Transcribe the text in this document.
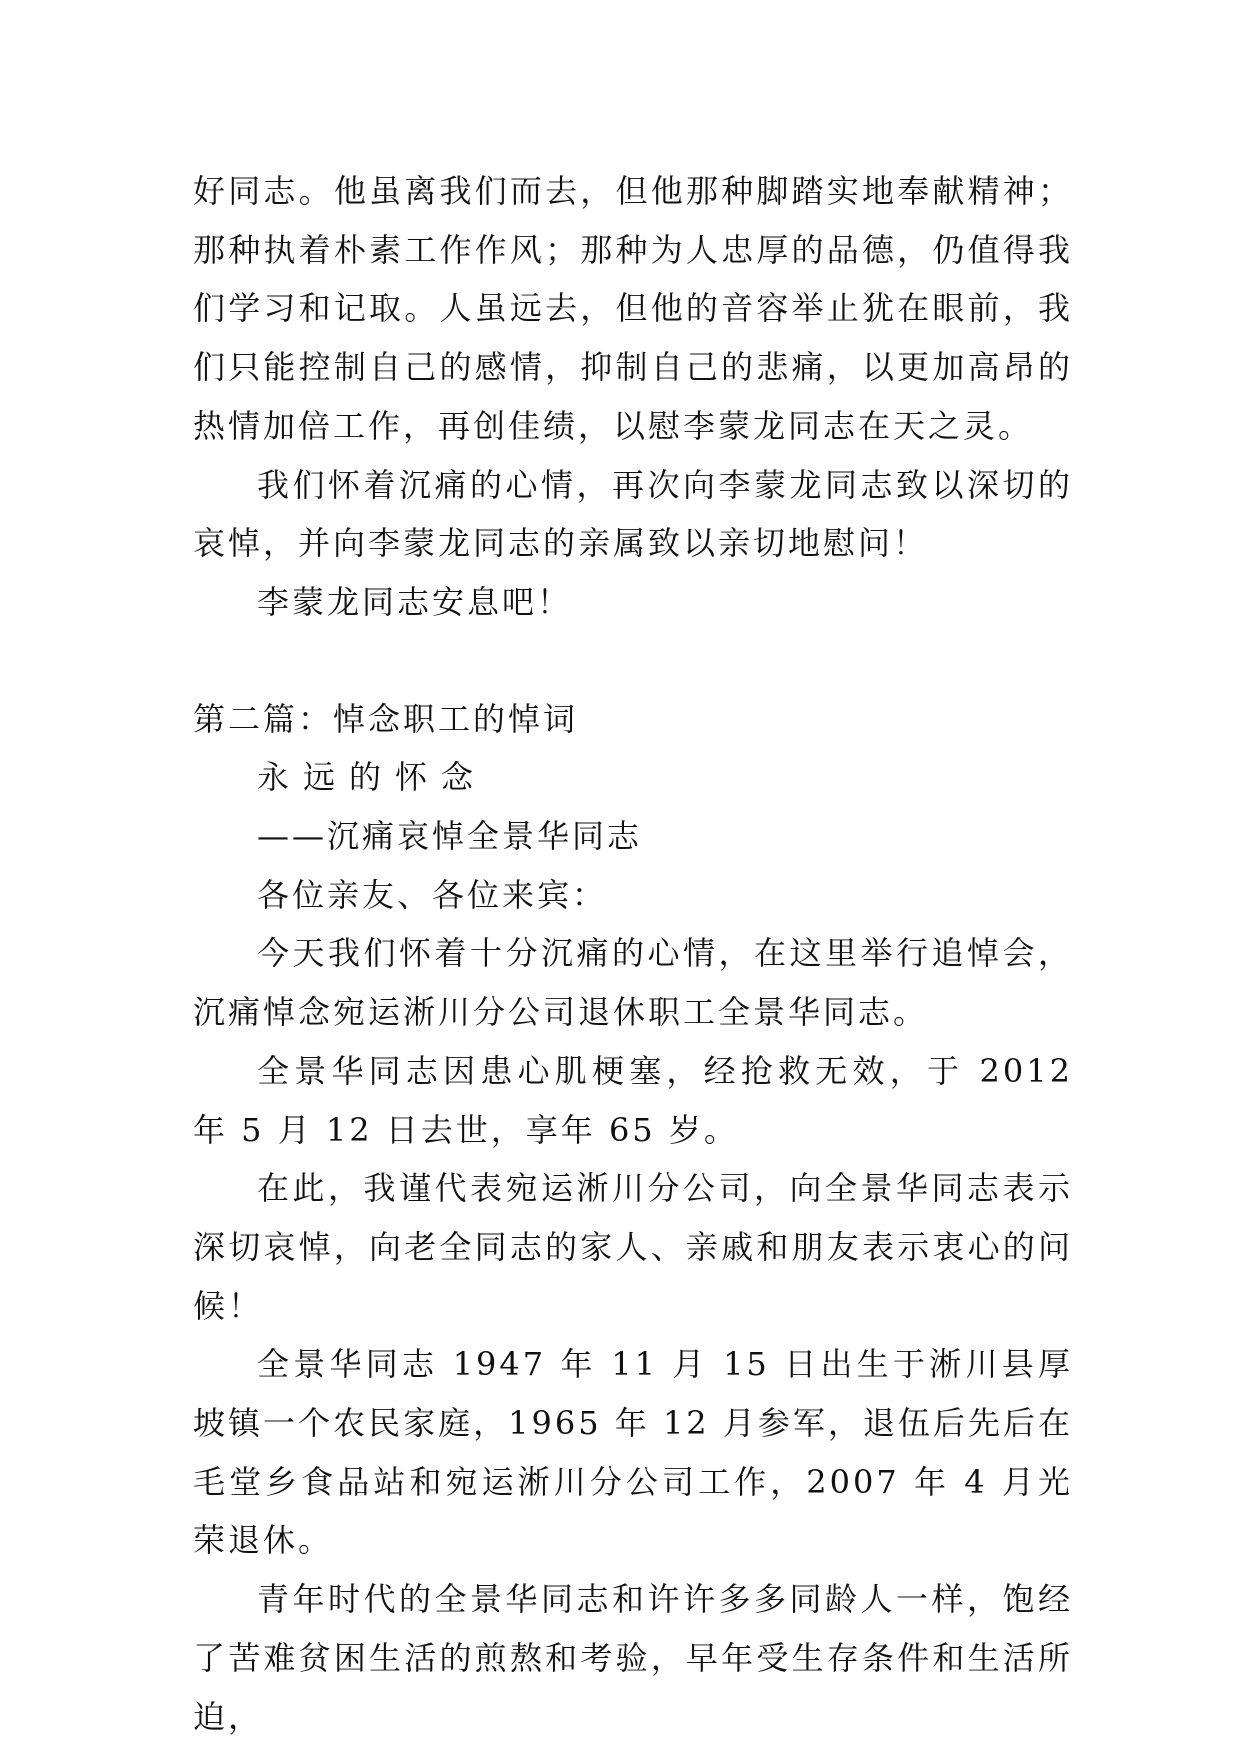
好同志。他虽离我们而去，但他那种脚踏实地奉献精神；那种执着朴素工作作风；那种为人忠厚的品德，仍值得我们学习和记取。人虽远去，但他的音容举止犹在眼前，我们只能控制自己的感情，抑制自己的悲痛，以更加高昂的热情加倍工作，再创佳绩，以慰李蒙龙同志在天之灵。

我们怀着沉痛的心情，再次向李蒙龙同志致以深切的哀悼，并向李蒙龙同志的亲属致以亲切地慰问！

李蒙龙同志安息吧！

第二篇：悼念职工的悼词

永远的怀念

——沉痛哀悼全景华同志

各位亲友、各位来宾：

今天我们怀着十分沉痛的心情，在这里举行追悼会，沉痛悼念宛运淅川分公司退休职工全景华同志。

全景华同志因患心肌梗塞，经抢救无效，于 2012 年 5 月 12 日去世，享年 65 岁。

在此，我谨代表宛运淅川分公司，向全景华同志表示深切哀悼，向老全同志的家人、亲戚和朋友表示衷心的问候！

全景华同志 1947 年 11 月 15 日出生于淅川县厚坡镇一个农民家庭，1965 年 12 月参军，退伍后先后在毛堂乡食品站和宛运淅川分公司工作，2007 年 4 月光荣退休。

青年时代的全景华同志和许许多多同龄人一样，饱经了苦难贫困生活的煎熬和考验，早年受生存条件和生活所迫，
